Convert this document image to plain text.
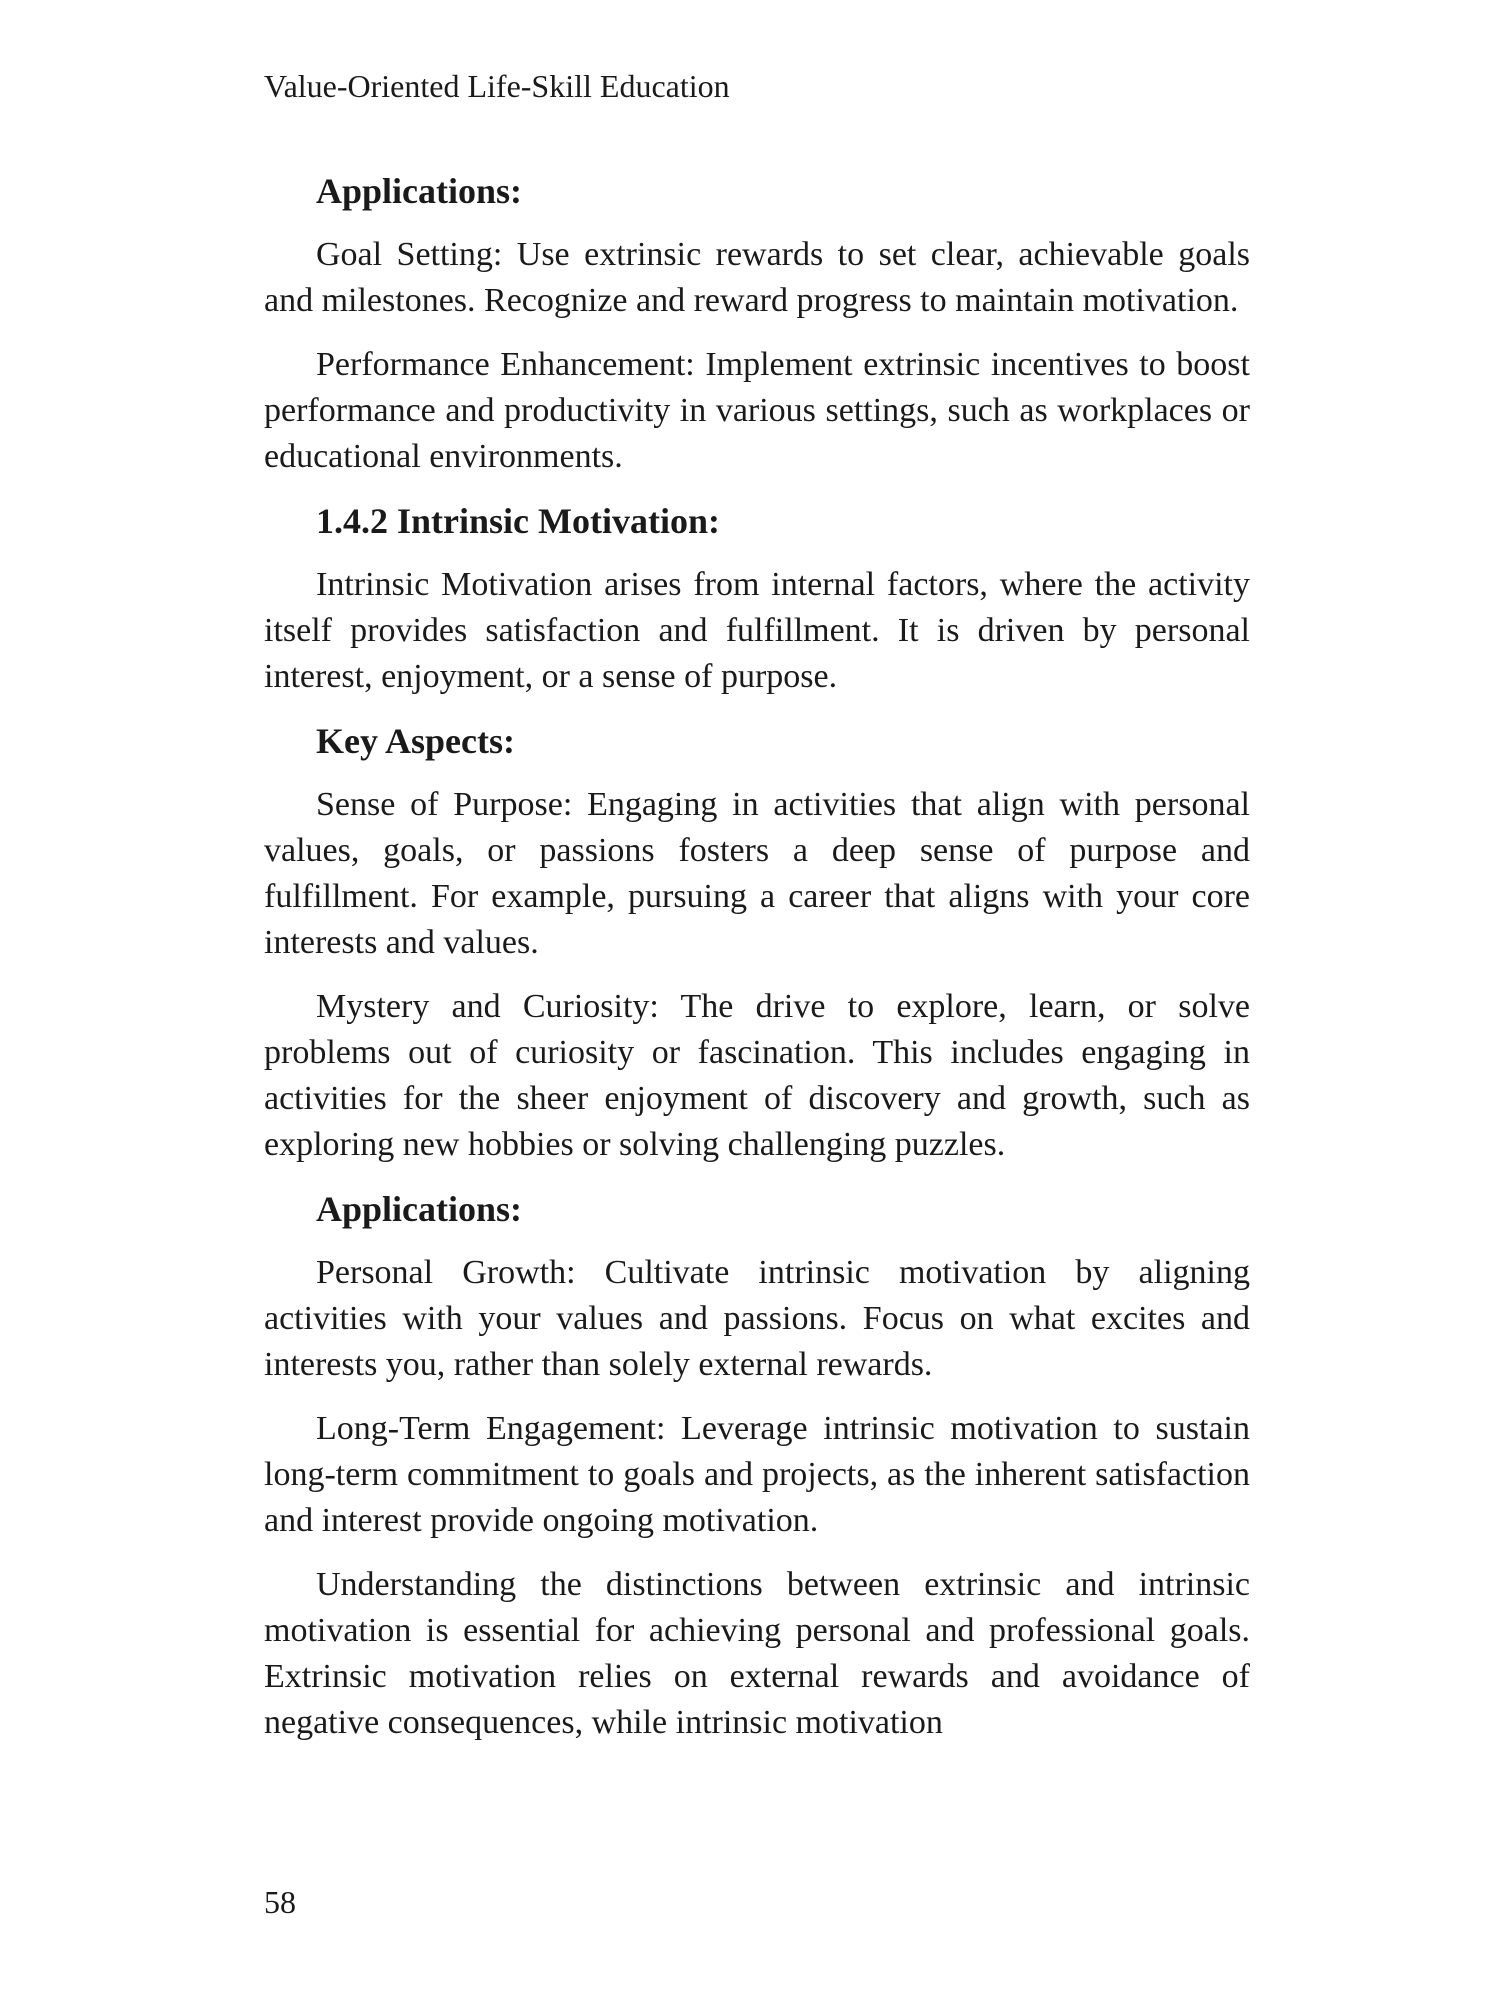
Value-Oriented Life-Skill Education
Applications:

Goal Setting: Use extrinsic rewards to set clear, achievable goals and milestones. Recognize and reward progress to maintain motivation.

Performance Enhancement: Implement extrinsic incentives to boost performance and productivity in various settings, such as workplaces or educational environments.

1.4.2 Intrinsic Motivation:

Intrinsic Motivation arises from internal factors, where the activity itself provides satisfaction and fulfillment. It is driven by personal interest, enjoyment, or a sense of purpose.

Key Aspects:

Sense of Purpose: Engaging in activities that align with personal values, goals, or passions fosters a deep sense of purpose and fulfillment. For example, pursuing a career that aligns with your core interests and values.

Mystery and Curiosity: The drive to explore, learn, or solve problems out of curiosity or fascination. This includes engaging in activities for the sheer enjoyment of discovery and growth, such as exploring new hobbies or solving challenging puzzles.

Applications:

Personal Growth: Cultivate intrinsic motivation by aligning activities with your values and passions. Focus on what excites and interests you, rather than solely external rewards.

Long-Term Engagement: Leverage intrinsic motivation to sustain long-term commitment to goals and projects, as the inherent satisfaction and interest provide ongoing motivation.

Understanding the distinctions between extrinsic and intrinsic motivation is essential for achieving personal and professional goals. Extrinsic motivation relies on external rewards and avoidance of negative consequences, while intrinsic motivation

58
